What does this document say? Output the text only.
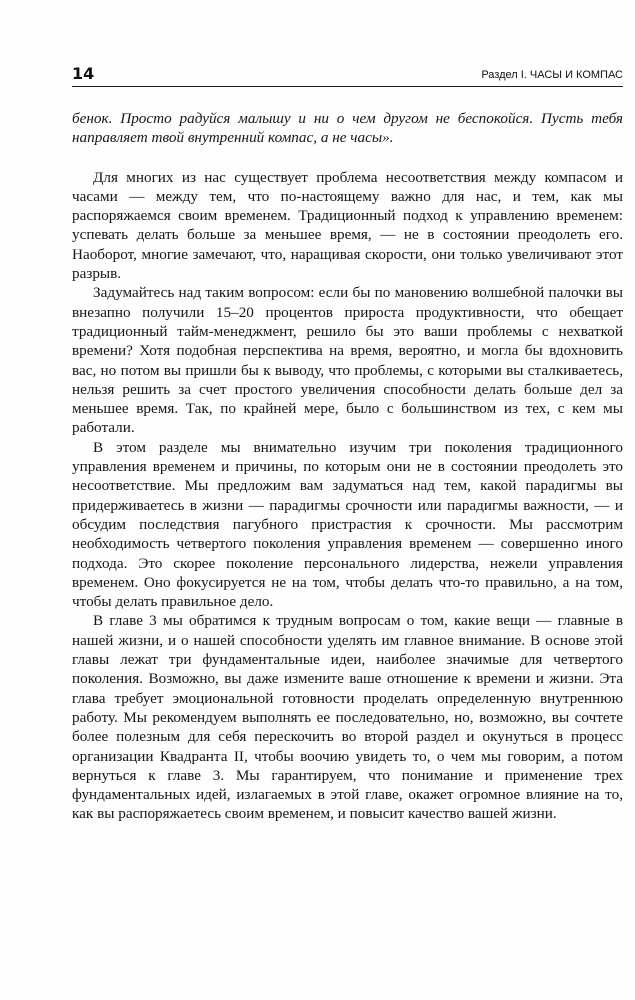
14	Раздел I. ЧАСЫ И КОМПАС

бенок. Просто радуйся малышу и ни о чем другом не беспокойся. Пусть тебя направляет твой внутренний компас, а не часы».

Для многих из нас существует проблема несоответствия между компасом и часами — между тем, что по-настоящему важно для нас, и тем, как мы распоряжаемся своим временем. Традиционный подход к управлению временем: успевать делать больше за меньшее время, — не в состоянии преодолеть его. Наоборот, многие замечают, что, наращивая скорости, они только увеличивают этот разрыв.

Задумайтесь над таким вопросом: если бы по мановению волшебной палочки вы внезапно получили 15–20 процентов прироста продуктивности, что обещает традиционный тайм-менеджмент, решило бы это ваши проблемы с нехваткой времени? Хотя подобная перспектива на время, вероятно, и могла бы вдохновить вас, но потом вы пришли бы к выводу, что проблемы, с которыми вы сталкиваетесь, нельзя решить за счет простого увеличения способности делать больше дел за меньшее время. Так, по крайней мере, было с большинством из тех, с кем мы работали.

В этом разделе мы внимательно изучим три поколения традиционного управления временем и причины, по которым они не в состоянии преодолеть это несоответствие. Мы предложим вам задуматься над тем, какой парадигмы вы придерживаетесь в жизни — парадигмы срочности или парадигмы важности, — и обсудим последствия пагубного пристрастия к срочности. Мы рассмотрим необходимость четвертого поколения управления временем — совершенно иного подхода. Это скорее поколение персонального лидерства, нежели управления временем. Оно фокусируется не на том, чтобы делать что-то правильно, а на том, чтобы делать правильное дело.

В главе 3 мы обратимся к трудным вопросам о том, какие вещи — главные в нашей жизни, и о нашей способности уделять им главное внимание. В основе этой главы лежат три фундаментальные идеи, наиболее значимые для четвертого поколения. Возможно, вы даже измените ваше отношение к времени и жизни. Эта глава требует эмоциональной готовности проделать определенную внутреннюю работу. Мы рекомендуем выполнять ее последовательно, но, возможно, вы сочтете более полезным для себя перескочить во второй раздел и окунуться в процесс организации Квадранта II, чтобы воочию увидеть то, о чем мы говорим, а потом вернуться к главе 3. Мы гарантируем, что понимание и применение трех фундаментальных идей, излагаемых в этой главе, окажет огромное влияние на то, как вы распоряжаетесь своим временем, и повысит качество вашей жизни.
